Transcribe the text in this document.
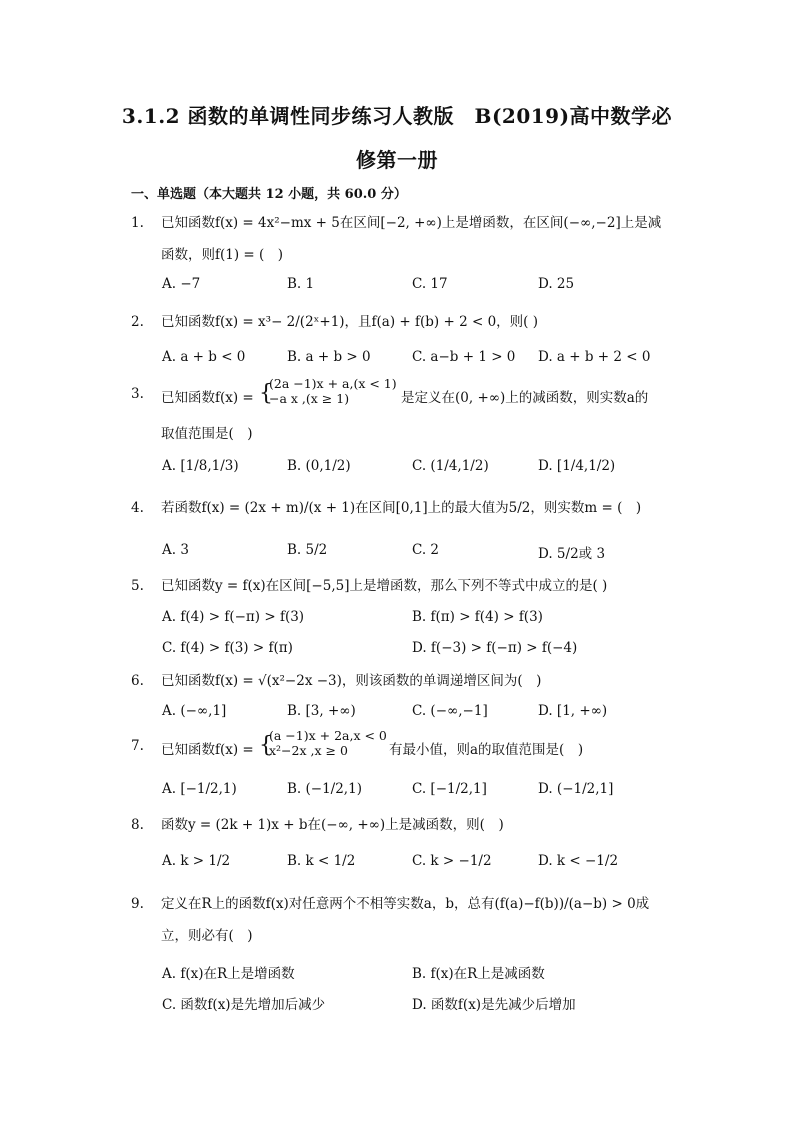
3.1.2 函数的单调性同步练习人教版　B(2019)高中数学必
修第一册
一、单选题（本大题共 12 小题，共 60.0 分）
1.	已知函数f(x) = 4x²−mx + 5在区间[−2, +∞)上是增函数，在区间(−∞,−2]上是减函数，则f(1) = (　)
A. −7	B. 1	C. 17	D. 25
2.	已知函数f(x) = x³− 2/(2ˣ+1)，且f(a) + f(b) + 2 < 0，则( )
A. a + b < 0	B. a + b > 0	C. a−b + 1 > 0 D. a + b + 2 < 0
3.	已知函数f(x) = {
(2a −1)x + a,(x < 1)
−a x ,(x ≥ 1)	是定义在(0, +∞)上的减函数，则实数a的
取值范围是(　)
A. [1/8,1/3)	B. (0,1/2)	C. (1/4,1/2)	D. [1/4,1/2)
4.	若函数f(x) = (2x + m)/(x + 1)在区间[0,1]上的最大值为5/2，则实数m = (　)
A. 3	B. 5/2	C. 2	D. 5/2或 3
5.	已知函数y = f(x)在区间[−5,5]上是增函数，那么下列不等式中成立的是( )
A. f(4) > f(−π) > f(3)	B. f(π) > f(4) > f(3)
C. f(4) > f(3) > f(π)	D. f(−3) > f(−π) > f(−4)
6.	已知函数f(x) = √(x²−2x −3)，则该函数的单调递增区间为(　)
A. (−∞,1]	B. [3, +∞)	C. (−∞,−1]	D. [1, +∞)
7.	已知函数f(x) = {
(a −1)x + 2a,x < 0
x²−2x ,x ≥ 0	有最小值，则a的取值范围是(　)
A. [−1/2,1)	B. (−1/2,1)	C. [−1/2,1]	D. (−1/2,1]
8.	函数y = (2k + 1)x + b在(−∞, +∞)上是减函数，则(　)
A. k > 1/2	B. k < 1/2	C. k > −1/2	D. k < −1/2
9.	定义在R上的函数f(x)对任意两个不相等实数a，b，总有(f(a)−f(b))/(a−b) > 0成立，则必有(　)
A. f(x)在R上是增函数	B. f(x)在R上是减函数
C. 函数f(x)是先增加后减少	D. 函数f(x)是先减少后增加
